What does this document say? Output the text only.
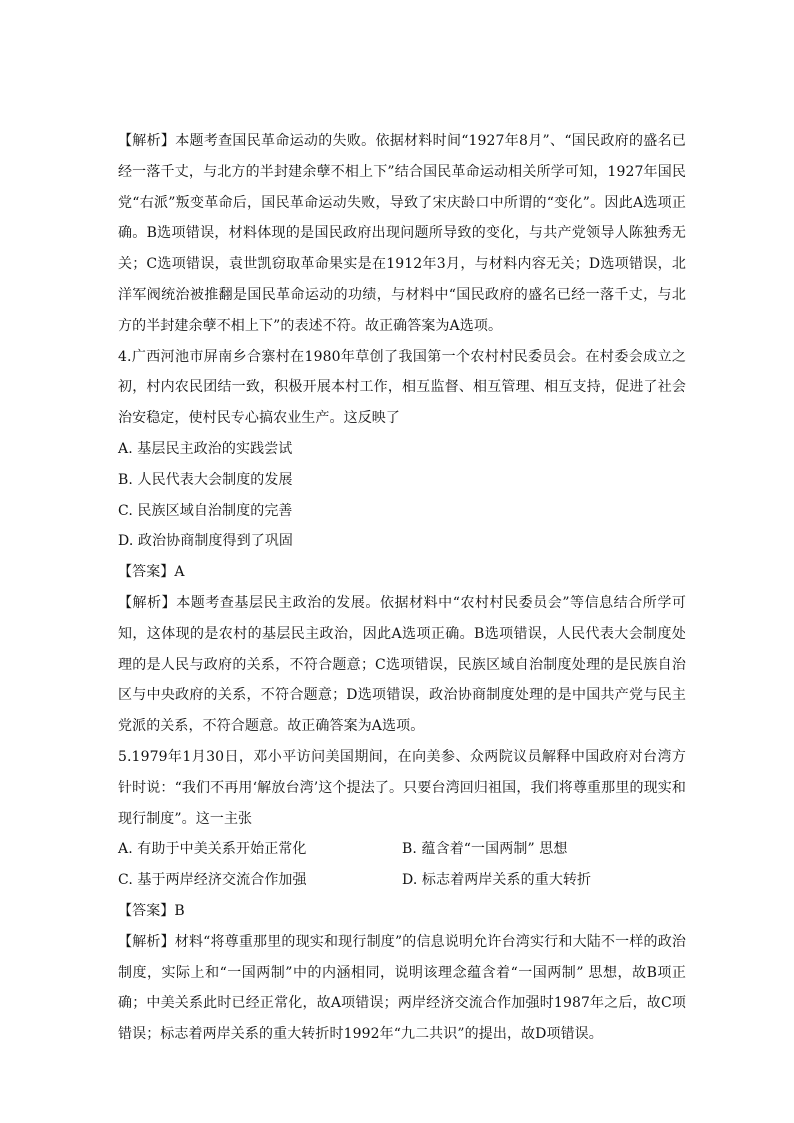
【解析】本题考查国民革命运动的失败。依据材料时间“1927年8月”、“国民政府的盛名已经一落千丈，与北方的半封建余孽不相上下”结合国民革命运动相关所学可知，1927年国民党“右派”叛变革命后，国民革命运动失败，导致了宋庆龄口中所谓的“变化”。因此A选项正确。B选项错误，材料体现的是国民政府出现问题所导致的变化，与共产党领导人陈独秀无关；C选项错误，袁世凯窃取革命果实是在1912年3月，与材料内容无关；D选项错误，北洋军阀统治被推翻是国民革命运动的功绩，与材料中“国民政府的盛名已经一落千丈，与北方的半封建余孽不相上下”的表述不符。故正确答案为A选项。

4.广西河池市屏南乡合寨村在1980年草创了我国第一个农村村民委员会。在村委会成立之初，村内农民团结一致，积极开展本村工作，相互监督、相互管理、相互支持，促进了社会治安稳定，使村民专心搞农业生产。这反映了

A. 基层民主政治的实践尝试

B. 人民代表大会制度的发展

C. 民族区域自治制度的完善

D. 政治协商制度得到了巩固

【答案】A

【解析】本题考查基层民主政治的发展。依据材料中“农村村民委员会”等信息结合所学可知，这体现的是农村的基层民主政治，因此A选项正确。B选项错误，人民代表大会制度处理的是人民与政府的关系，不符合题意；C选项错误，民族区域自治制度处理的是民族自治区与中央政府的关系，不符合题意；D选项错误，政治协商制度处理的是中国共产党与民主党派的关系，不符合题意。故正确答案为A选项。

5.1979年1月30日，邓小平访问美国期间，在向美参、众两院议员解释中国政府对台湾方针时说：“我们不再用‘解放台湾’这个提法了。只要台湾回归祖国，我们将尊重那里的现实和现行制度”。这一主张

A. 有助于中美关系开始正常化	B. 蕴含着“一国两制” 思想
C. 基于两岸经济交流合作加强	D. 标志着两岸关系的重大转折

【答案】B

【解析】材料“将尊重那里的现实和现行制度”的信息说明允许台湾实行和大陆不一样的政治制度，实际上和“一国两制”中的内涵相同，说明该理念蕴含着“一国两制” 思想，故B项正确；中美关系此时已经正常化，故A项错误；两岸经济交流合作加强时1987年之后，故C项错误；标志着两岸关系的重大转折时1992年“九二共识”的提出，故D项错误。
